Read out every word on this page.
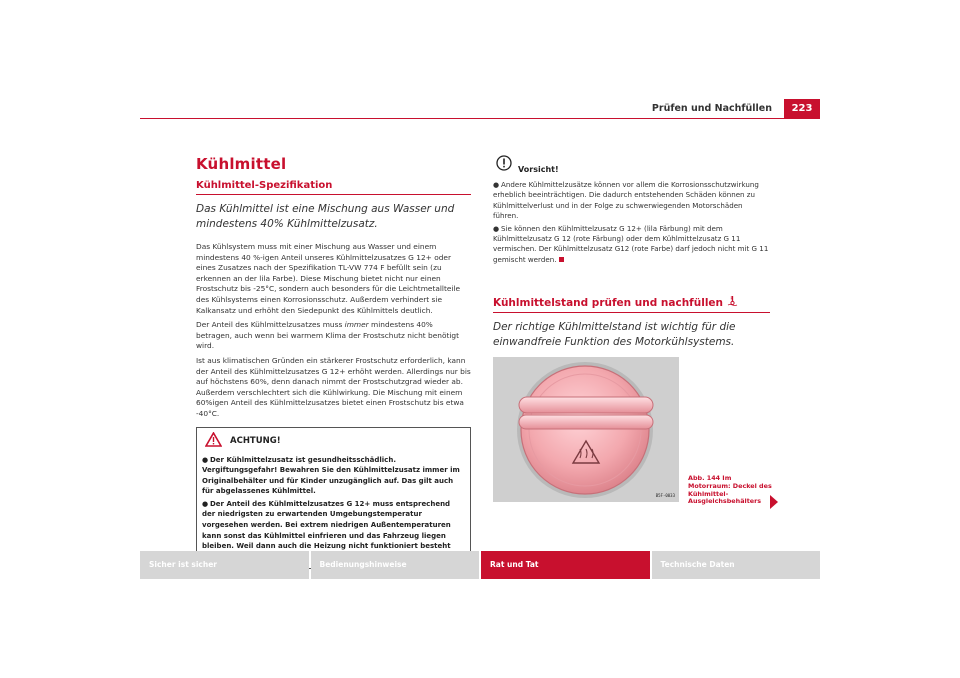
Prüfen und Nachfüllen	223
Kühlmittel
Kühlmittel-Spezifikation

Das Kühlmittel ist eine Mischung aus Wasser und mindestens 40% Kühlmittelzusatz.

Das Kühlsystem muss mit einer Mischung aus Wasser und einem mindestens 40 %-igen Anteil unseres Kühlmittelzusatzes G 12+ oder eines Zusatzes nach der Spezifikation TL-VW 774 F befüllt sein (zu erkennen an der lila Farbe). Diese Mischung bietet nicht nur einen Frostschutz bis -25°C, sondern auch besonders für die Leichtmetallteile des Kühlsystems einen Korrosionsschutz. Außerdem verhindert sie Kalkansatz und erhöht den Siedepunkt des Kühlmittels deutlich.

Der Anteil des Kühlmittelzusatzes muss immer mindestens 40% betragen, auch wenn bei warmem Klima der Frostschutz nicht benötigt wird.

Ist aus klimatischen Gründen ein stärkerer Frostschutz erforderlich, kann der Anteil des Kühlmittelzusatzes G 12+ erhöht werden. Allerdings nur bis auf höchstens 60%, denn danach nimmt der Frostschutzgrad wieder ab. Außerdem verschlechtert sich die Kühlwirkung. Die Mischung mit einem 60%igen Anteil des Kühlmittelzusatzes bietet einen Frostschutz bis etwa -40°C.

ACHTUNG!

● Der Kühlmittelzusatz ist gesundheitsschädlich. Vergiftungsgefahr! Bewahren Sie den Kühlmittelzusatz immer im Originalbehälter und für Kinder unzugänglich auf. Das gilt auch für abgelassenes Kühlmittel.

● Der Anteil des Kühlmittelzusatzes G 12+ muss entsprechend der niedrigsten zu erwartenden Umgebungstemperatur vorgesehen werden. Bei extrem niedrigen Außentemperaturen kann sonst das Kühlmittel einfrieren und das Fahrzeug liegen bleiben. Weil dann auch die Heizung nicht funktioniert besteht

Vorsicht!

● Andere Kühlmittelzusätze können vor allem die Korrosionsschutzwirkung erheblich beeinträchtigen. Die dadurch entstehenden Schäden können zu Kühlmittelverlust und in der Folge zu schwerwiegenden Motorschäden führen.

● Sie können den Kühlmittelzusatz G 12+ (lila Färbung) mit dem Kühlmittelzusatz G 12 (rote Färbung) oder dem Kühlmittelzusatz G 11 vermischen. Der Kühlmittelzusatz G12 (rote Farbe) darf jedoch nicht mit G 11 gemischt werden.

Kühlmittelstand prüfen und nachfüllen

Der richtige Kühlmittelstand ist wichtig für die einwandfreie Funktion des Motorkühlsystems.

B5F-0033
Abb. 144 Im Motorraum: Deckel des Kühlmittel-Ausgleichsbehälters
Sicher ist sicher	Bedienungshinweise	Rat und Tat	Technische Daten
